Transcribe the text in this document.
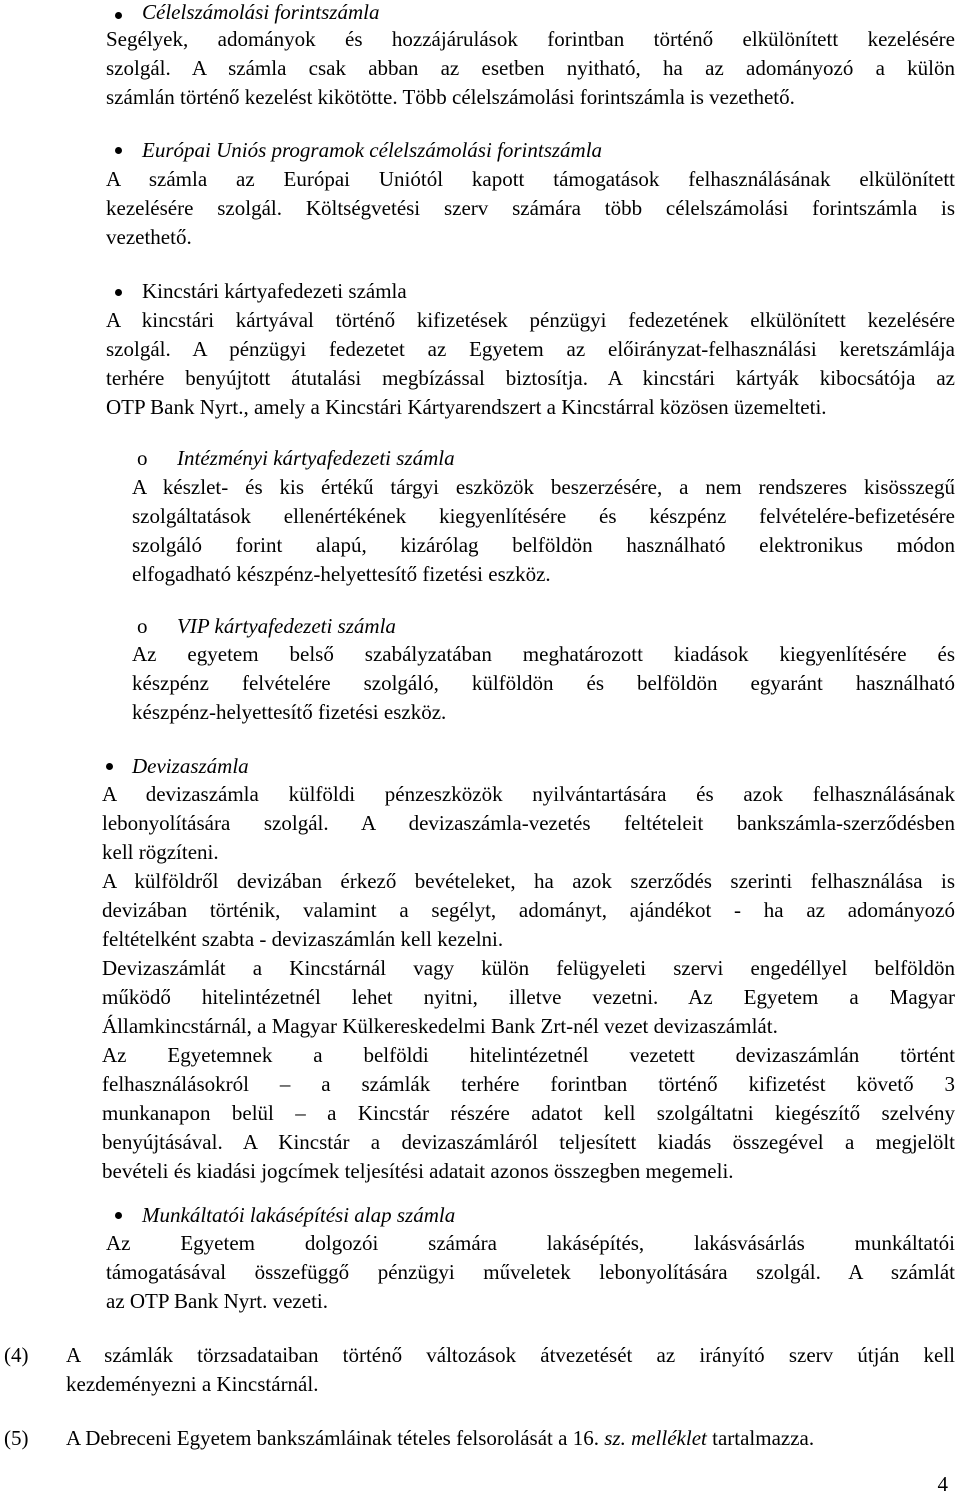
Célelszámolási forintszámla
Segélyek, adományok és hozzájárulások forintban történő elkülönített kezelésére
szolgál. A számla csak abban az esetben nyitható, ha az adományozó a külön
számlán történő kezelést kikötötte. Több célelszámolási forintszámla is vezethető.
Európai Uniós programok célelszámolási forintszámla
A számla az Európai Uniótól kapott támogatások felhasználásának elkülönített
kezelésére szolgál. Költségvetési szerv számára több célelszámolási forintszámla is
vezethető.
Kincstári kártyafedezeti számla
A kincstári kártyával történő kifizetések pénzügyi fedezetének elkülönített kezelésére
szolgál. A pénzügyi fedezetet az Egyetem az előirányzat-felhasználási keretszámlája
terhére benyújtott átutalási megbízással biztosítja. A kincstári kártyák kibocsátója az
OTP Bank Nyrt., amely a Kincstári Kártyarendszert a Kincstárral közösen üzemelteti.
o Intézményi kártyafedezeti számla
A készlet- és kis értékű tárgyi eszközök beszerzésére, a nem rendszeres kisösszegű
szolgáltatások ellenértékének kiegyenlítésére és készpénz felvételére-befizetésére
szolgáló forint alapú, kizárólag belföldön használható elektronikus módon
elfogadható készpénz-helyettesítő fizetési eszköz.
o VIP kártyafedezeti számla
Az egyetem belső szabályzatában meghatározott kiadások kiegyenlítésére és
készpénz felvételére szolgáló, külföldön és belföldön egyaránt használható
készpénz-helyettesítő fizetési eszköz.
Devizaszámla
A devizaszámla külföldi pénzeszközök nyilvántartására és azok felhasználásának
lebonyolítására szolgál. A devizaszámla-vezetés feltételeit bankszámla-szerződésben
kell rögzíteni.
A külföldről devizában érkező bevételeket, ha azok szerződés szerinti felhasználása is
devizában történik, valamint a segélyt, adományt, ajándékot - ha az adományozó
feltételként szabta - devizaszámlán kell kezelni.
Devizaszámlát a Kincstárnál vagy külön felügyeleti szervi engedéllyel belföldön
működő hitelintézetnél lehet nyitni, illetve vezetni. Az Egyetem a Magyar
Államkincstárnál, a Magyar Külkereskedelmi Bank Zrt-nél vezet devizaszámlát.
Az Egyetemnek a belföldi hitelintézetnél vezetett devizaszámlán történt
felhasználásokról – a számlák terhére forintban történő kifizetést követő 3
munkanapon belül – a Kincstár részére adatot kell szolgáltatni kiegészítő szelvény
benyújtásával. A Kincstár a devizaszámláról teljesített kiadás összegével a megjelölt
bevételi és kiadási jogcímek teljesítési adatait azonos összegben megemeli.
Munkáltatói lakásépítési alap számla
Az Egyetem dolgozói számára lakásépítés, lakásvásárlás munkáltatói
támogatásával összefüggő pénzügyi műveletek lebonyolítására szolgál. A számlát
az OTP Bank Nyrt. vezeti.
(4) A számlák törzsadataiban történő változások átvezetését az irányító szerv útján kell
kezdeményezni a Kincstárnál.
(5) A Debreceni Egyetem bankszámláinak tételes felsorolását a 16. sz. melléklet tartalmazza.
4
